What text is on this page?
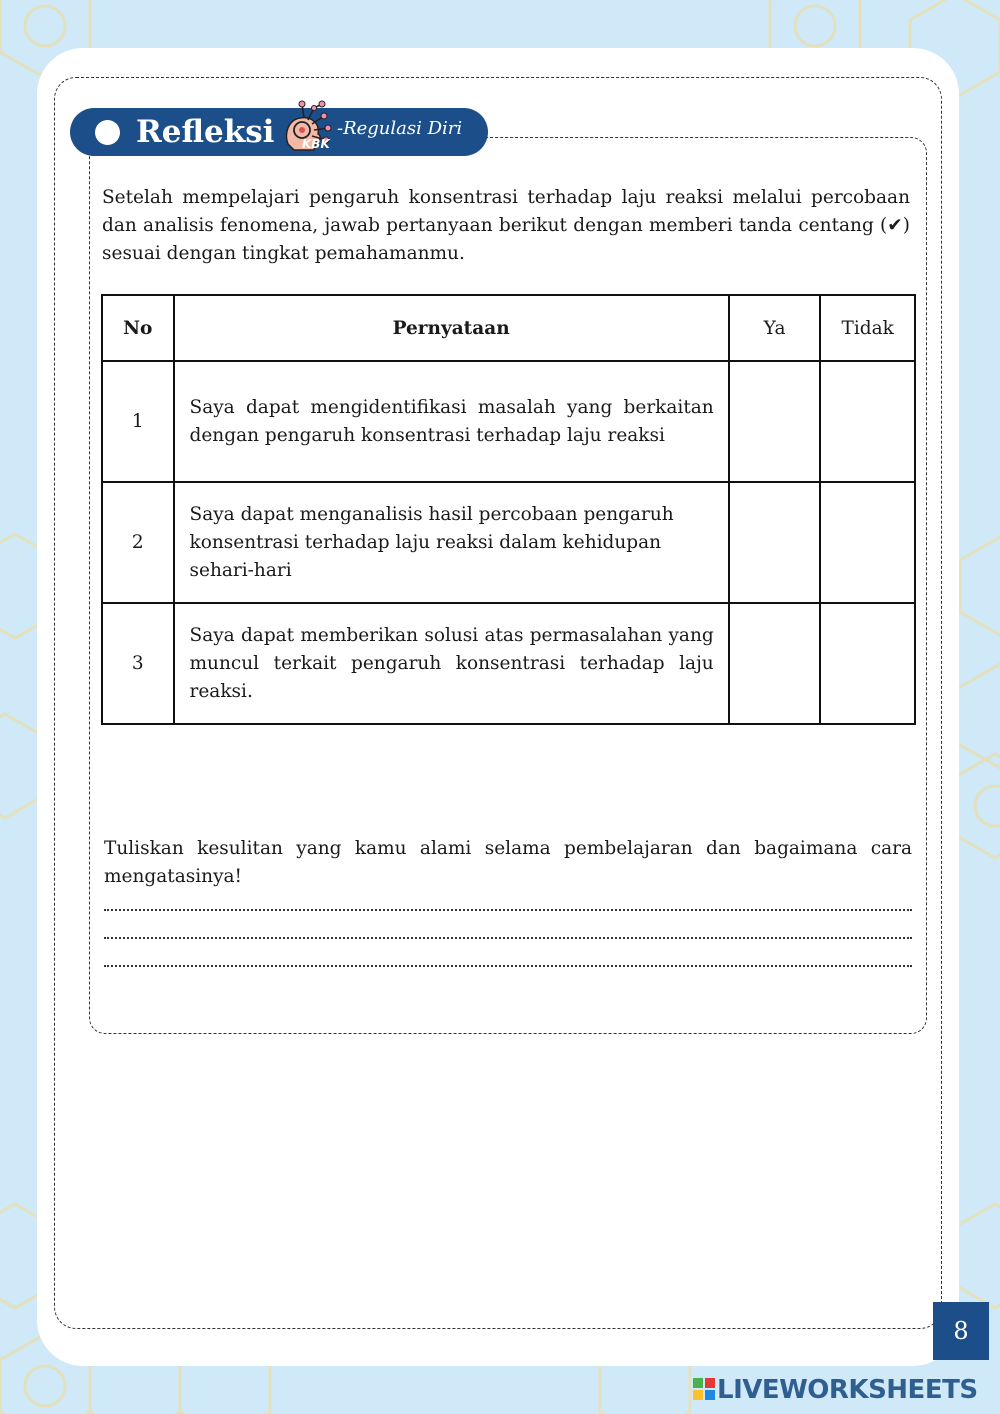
Refleksi KBK
-Regulasi Diri

Setelah mempelajari pengaruh konsentrasi terhadap laju reaksi melalui percobaan dan analisis fenomena, jawab pertanyaan berikut dengan memberi tanda centang (✔) sesuai dengan tingkat pemahamanmu.

No	Pernyataan	Ya	Tidak
1	Saya dapat mengidentifikasi masalah yang berkaitan dengan pengaruh konsentrasi terhadap laju reaksi		
2	Saya dapat menganalisis hasil percobaan pengaruh konsentrasi terhadap laju reaksi dalam kehidupan sehari-hari		
3	Saya dapat memberikan solusi atas permasalahan yang muncul terkait pengaruh konsentrasi terhadap laju reaksi.		

Tuliskan kesulitan yang kamu alami selama pembelajaran dan bagaimana cara mengatasinya!

8
LIVEWORKSHEETS
